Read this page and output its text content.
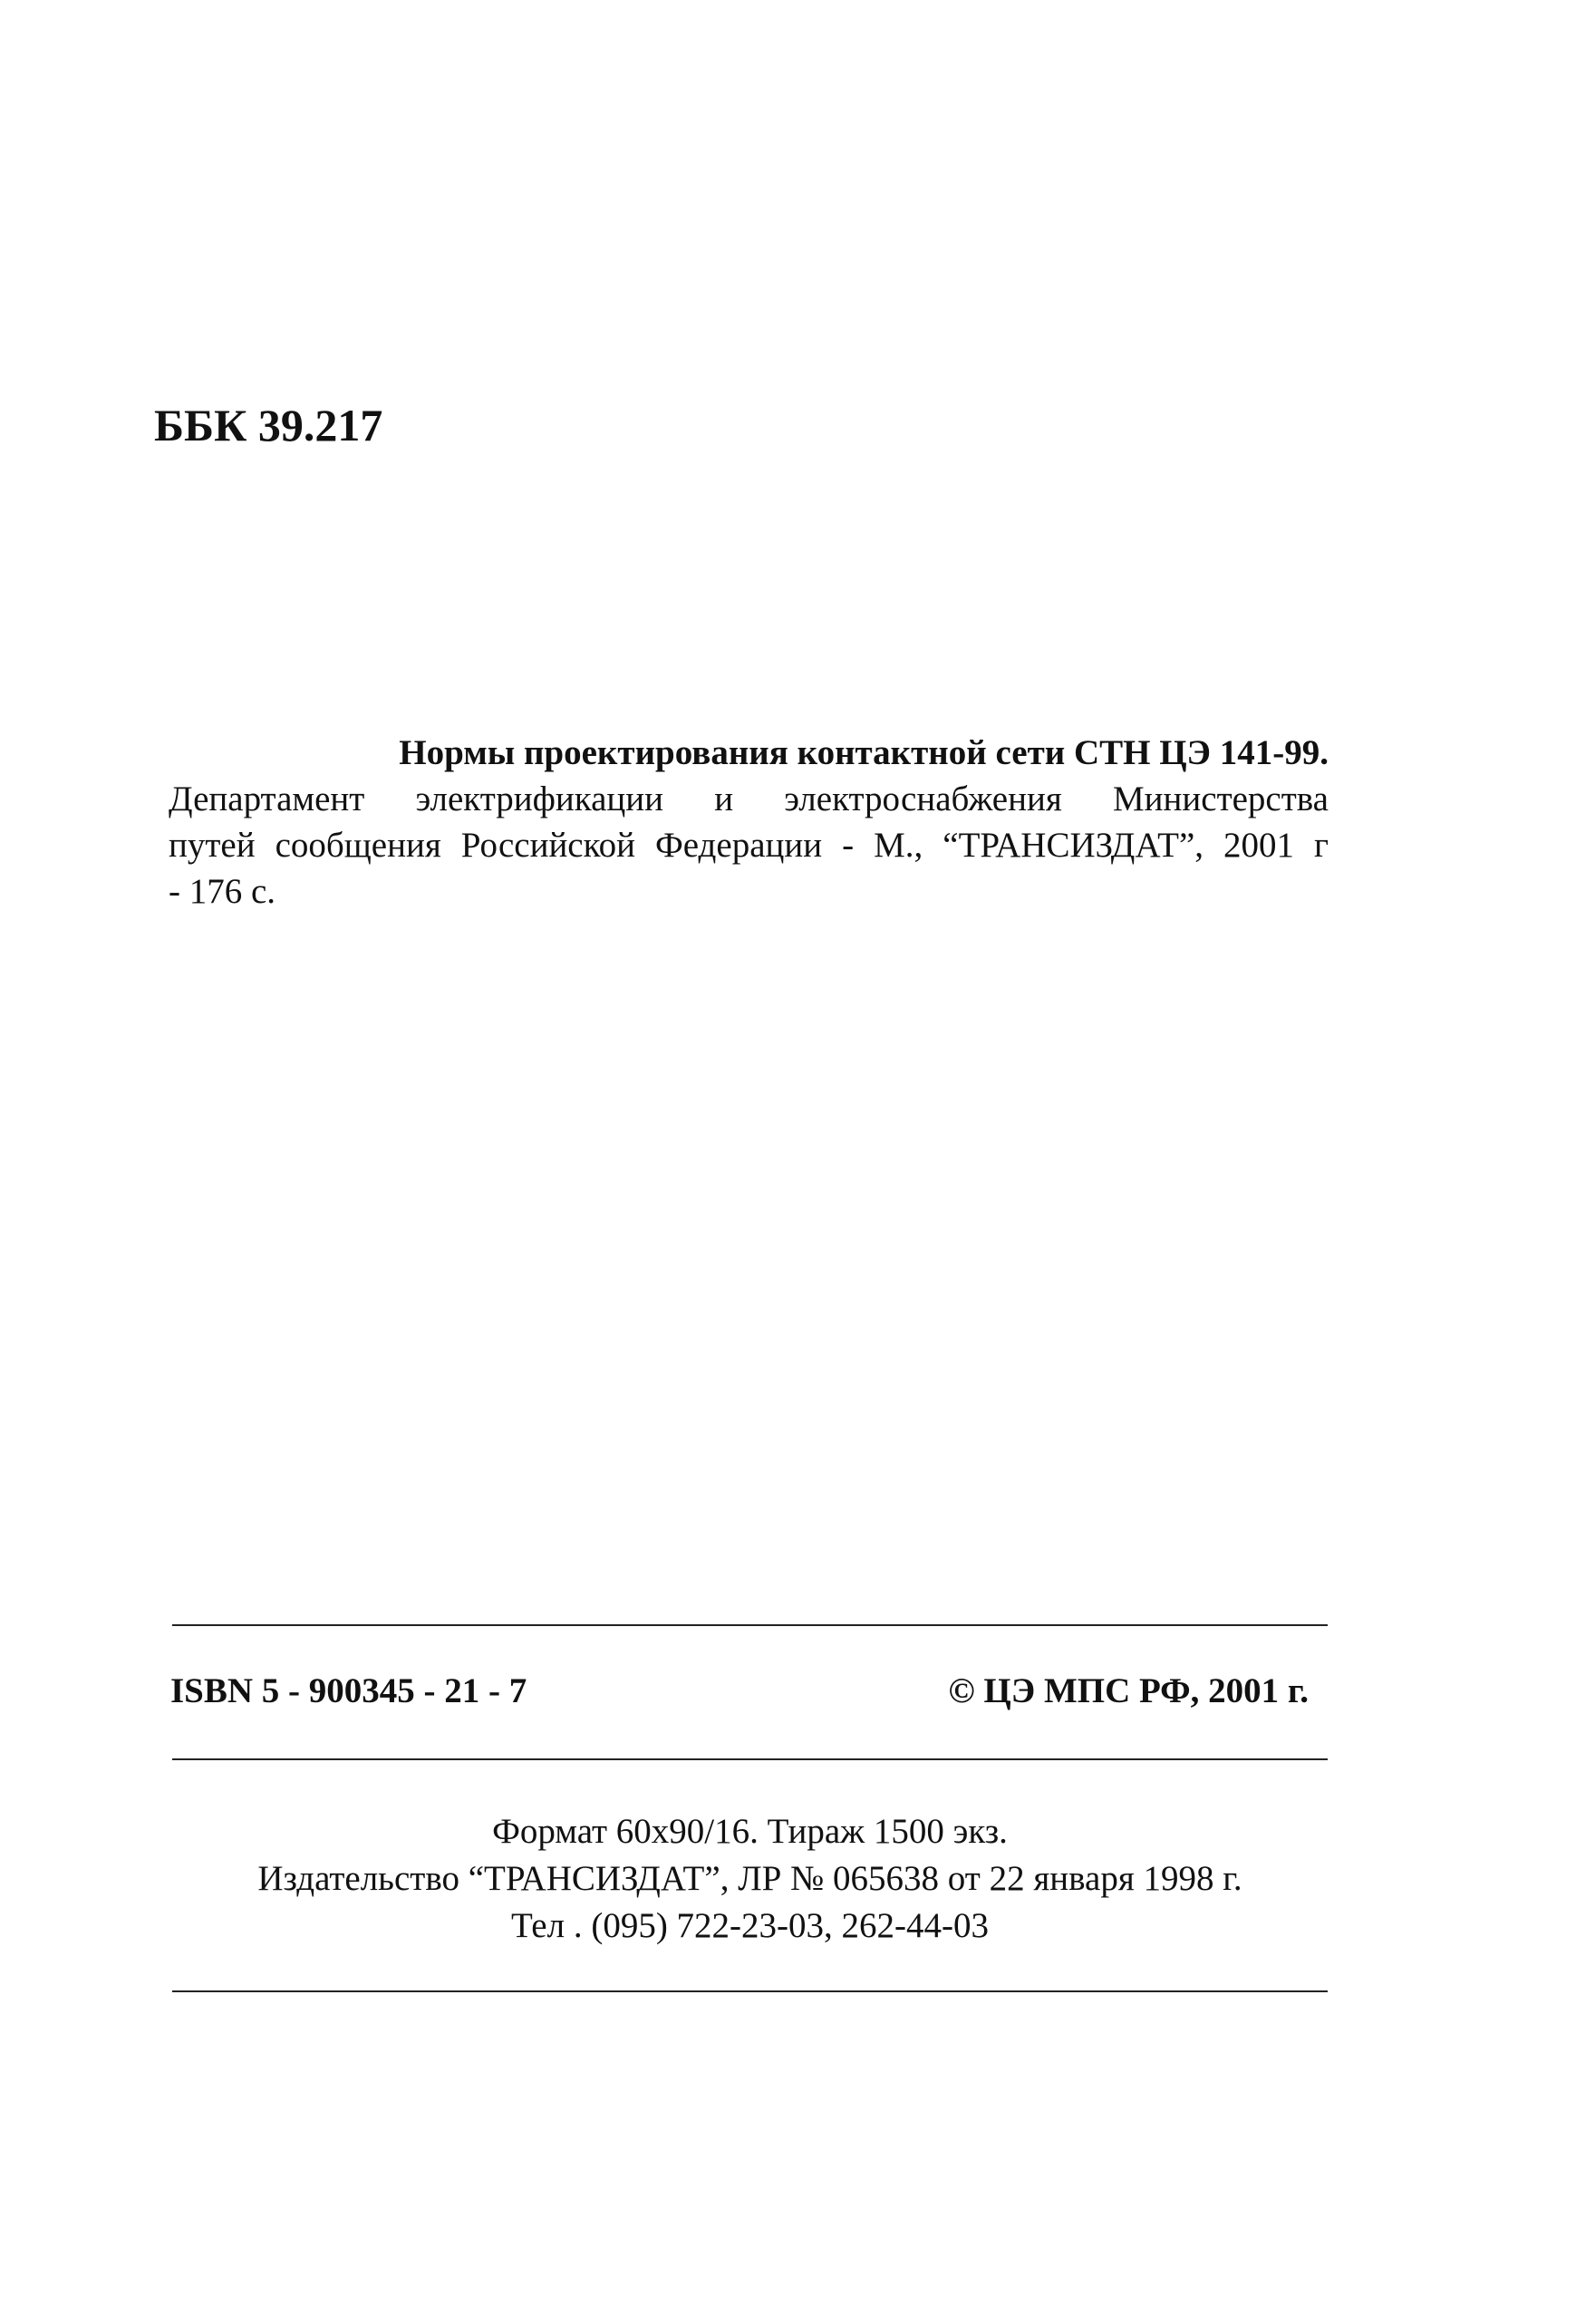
ББК 39.217
Нормы проектирования контактной сети СТН ЦЭ 141-99.
Департамент электрификации и электроснабжения Министерства
путей сообщения Российской Федерации - М., “ТРАНСИЗДАТ”, 2001 г
- 176 с.
ISBN 5 - 900345 - 21 - 7	© ЦЭ МПС РФ, 2001 г.
Формат 60x90/16. Тираж 1500 экз.
Издательство “ТРАНСИЗДАТ”, ЛР № 065638 от 22 января 1998 г.
Тел . (095) 722-23-03, 262-44-03
